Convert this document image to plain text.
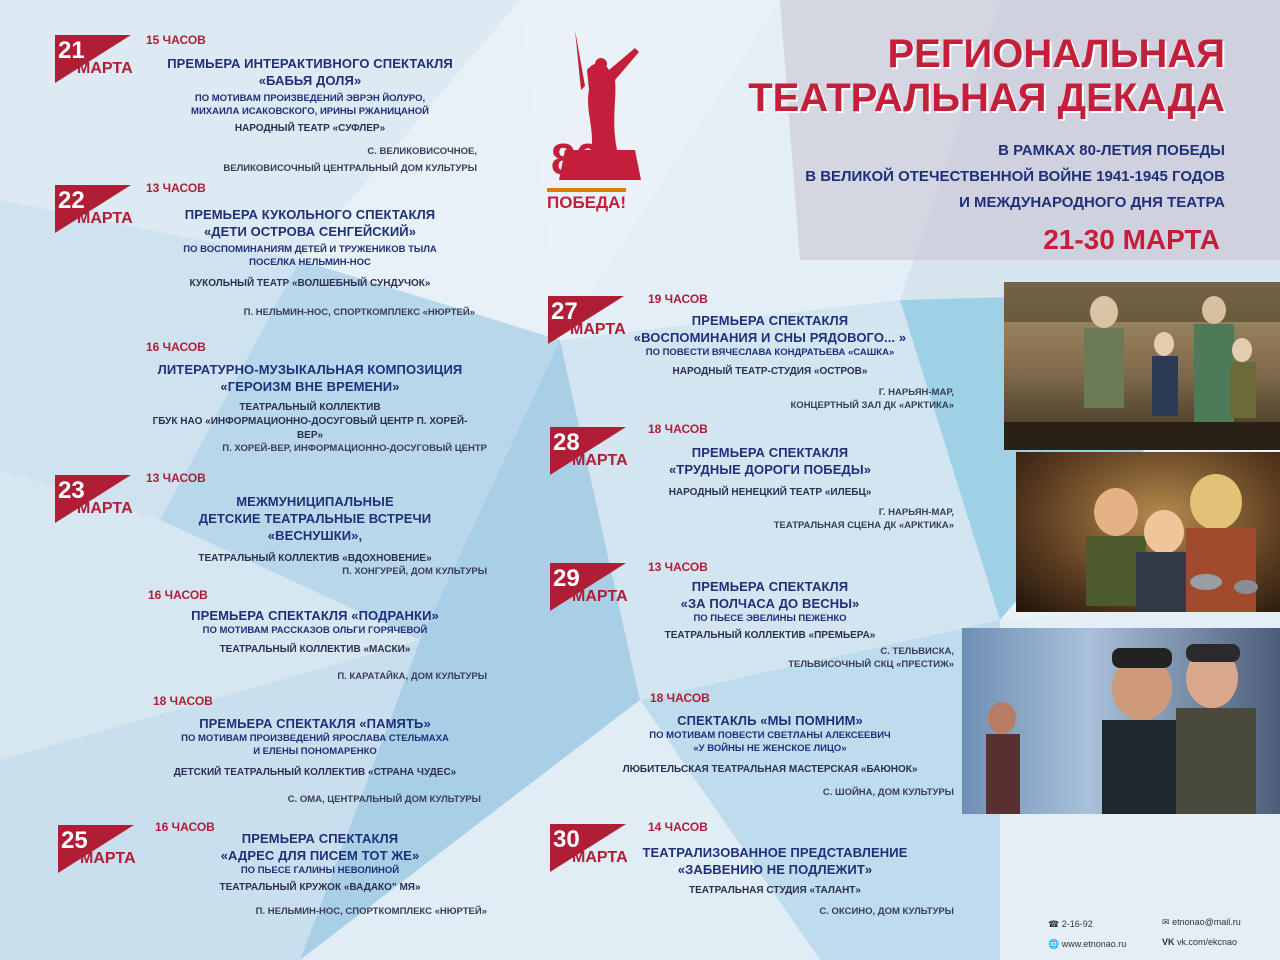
РЕГИОНАЛЬНАЯ
ТЕАТРАЛЬНАЯ ДЕКАДА
В РАМКАХ 80-ЛЕТИЯ ПОБЕДЫ
В ВЕЛИКОЙ ОТЕЧЕСТВЕННОЙ ВОЙНЕ 1941-1945 ГОДОВ
И МЕЖДУНАРОДНОГО ДНЯ ТЕАТРА
21-30 МАРТА
80
ПОБЕДА!
21
МАРТА
22
МАРТА
23
МАРТА
25
МАРТА
27
МАРТА
28
МАРТА
29
МАРТА
30
МАРТА
15 ЧАСОВ
13 ЧАСОВ
16 ЧАСОВ
13 ЧАСОВ
16 ЧАСОВ
18 ЧАСОВ
16 ЧАСОВ
19 ЧАСОВ
18 ЧАСОВ
13 ЧАСОВ
18 ЧАСОВ
14 ЧАСОВ
ПРЕМЬЕРА ИНТЕРАКТИВНОГО СПЕКТАКЛЯ
«БАБЬЯ ДОЛЯ»
ПО МОТИВАМ ПРОИЗВЕДЕНИЙ ЭВРЭН ЙОЛУРО,
МИХАИЛА ИСАКОВСКОГО, ИРИНЫ РЖАНИЦАНОЙ
НАРОДНЫЙ ТЕАТР «СУФЛЕР»
С. ВЕЛИКОВИСОЧНОЕ,
ВЕЛИКОВИСОЧНЫЙ ЦЕНТРАЛЬНЫЙ ДОМ КУЛЬТУРЫ
ПРЕМЬЕРА КУКОЛЬНОГО СПЕКТАКЛЯ
«ДЕТИ ОСТРОВА СЕНГЕЙСКИЙ»
ПО ВОСПОМИНАНИЯМ ДЕТЕЙ И ТРУЖЕНИКОВ ТЫЛА
ПОСЕЛКА НЕЛЬМИН-НОС
КУКОЛЬНЫЙ ТЕАТР «ВОЛШЕБНЫЙ СУНДУЧОК»
П. НЕЛЬМИН-НОС, СПОРТКОМПЛЕКС «НЮРТЕЙ»
ЛИТЕРАТУРНО-МУЗЫКАЛЬНАЯ КОМПОЗИЦИЯ
«ГЕРОИЗМ ВНЕ ВРЕМЕНИ»
ТЕАТРАЛЬНЫЙ КОЛЛЕКТИВ
ГБУК НАО «ИНФОРМАЦИОННО-ДОСУГОВЫЙ ЦЕНТР П. ХОРЕЙ-ВЕР»
П. ХОРЕЙ-ВЕР, ИНФОРМАЦИОННО-ДОСУГОВЫЙ ЦЕНТР
МЕЖМУНИЦИПАЛЬНЫЕ
ДЕТСКИЕ ТЕАТРАЛЬНЫЕ ВСТРЕЧИ «ВЕСНУШКИ»,
ТЕАТРАЛЬНЫЙ КОЛЛЕКТИВ «ВДОХНОВЕНИЕ»
П. ХОНГУРЕЙ, ДОМ КУЛЬТУРЫ
ПРЕМЬЕРА СПЕКТАКЛЯ «ПОДРАНКИ»
ПО МОТИВАМ РАССКАЗОВ ОЛЬГИ ГОРЯЧЕВОЙ
ТЕАТРАЛЬНЫЙ КОЛЛЕКТИВ «МАСКИ»
П. КАРАТАЙКА, ДОМ КУЛЬТУРЫ
ПРЕМЬЕРА СПЕКТАКЛЯ «ПАМЯТЬ»
ПО МОТИВАМ ПРОИЗВЕДЕНИЙ ЯРОСЛАВА СТЕЛЬМАХА
И ЕЛЕНЫ ПОНОМАРЕНКО
ДЕТСКИЙ ТЕАТРАЛЬНЫЙ КОЛЛЕКТИВ «СТРАНА ЧУДЕС»
С. ОМА, ЦЕНТРАЛЬНЫЙ ДОМ КУЛЬТУРЫ
ПРЕМЬЕРА СПЕКТАКЛЯ
«АДРЕС ДЛЯ ПИСЕМ ТОТ ЖЕ»
ПО ПЬЕСЕ ГАЛИНЫ НЕВОЛИНОЙ
ТЕАТРАЛЬНЫЙ КРУЖОК «ВАДАКО" МЯ»
П. НЕЛЬМИН-НОС, СПОРТКОМПЛЕКС «НЮРТЕЙ»
ПРЕМЬЕРА СПЕКТАКЛЯ
«ВОСПОМИНАНИЯ И СНЫ РЯДОВОГО... »
ПО ПОВЕСТИ ВЯЧЕСЛАВА КОНДРАТЬЕВА «САШКА»
НАРОДНЫЙ ТЕАТР-СТУДИЯ «ОСТРОВ»
Г. НАРЬЯН-МАР,
КОНЦЕРТНЫЙ ЗАЛ ДК «АРКТИКА»
ПРЕМЬЕРА СПЕКТАКЛЯ
«ТРУДНЫЕ ДОРОГИ ПОБЕДЫ»
НАРОДНЫЙ НЕНЕЦКИЙ ТЕАТР «ИЛЕБЦ»
Г. НАРЬЯН-МАР,
ТЕАТРАЛЬНАЯ СЦЕНА ДК «АРКТИКА»
ПРЕМЬЕРА СПЕКТАКЛЯ
«ЗА ПОЛЧАСА ДО ВЕСНЫ»
ПО ПЬЕСЕ ЭВЕЛИНЫ ПЕЖЕНКО
ТЕАТРАЛЬНЫЙ КОЛЛЕКТИВ «ПРЕМЬЕРА»
С. ТЕЛЬВИСКА,
ТЕЛЬВИСОЧНЫЙ СКЦ «ПРЕСТИЖ»
СПЕКТАКЛЬ «МЫ ПОМНИМ»
ПО МОТИВАМ ПОВЕСТИ СВЕТЛАНЫ АЛЕКСЕЕВИЧ
«У ВОЙНЫ НЕ ЖЕНСКОЕ ЛИЦО»
ЛЮБИТЕЛЬСКАЯ ТЕАТРАЛЬНАЯ МАСТЕРСКАЯ «БАЮНОК»
С. ШОЙНА, ДОМ КУЛЬТУРЫ
ТЕАТРАЛИЗОВАННОЕ ПРЕДСТАВЛЕНИЕ
«ЗАБВЕНИЮ НЕ ПОДЛЕЖИТ»
ТЕАТРАЛЬНАЯ СТУДИЯ «ТАЛАНТ»
С. ОКСИНО, ДОМ КУЛЬТУРЫ
☎ 2-16-92
🌐 www.etnonao.ru
✉ etnonao@mail.ru
VK vk.com/ekcnao
